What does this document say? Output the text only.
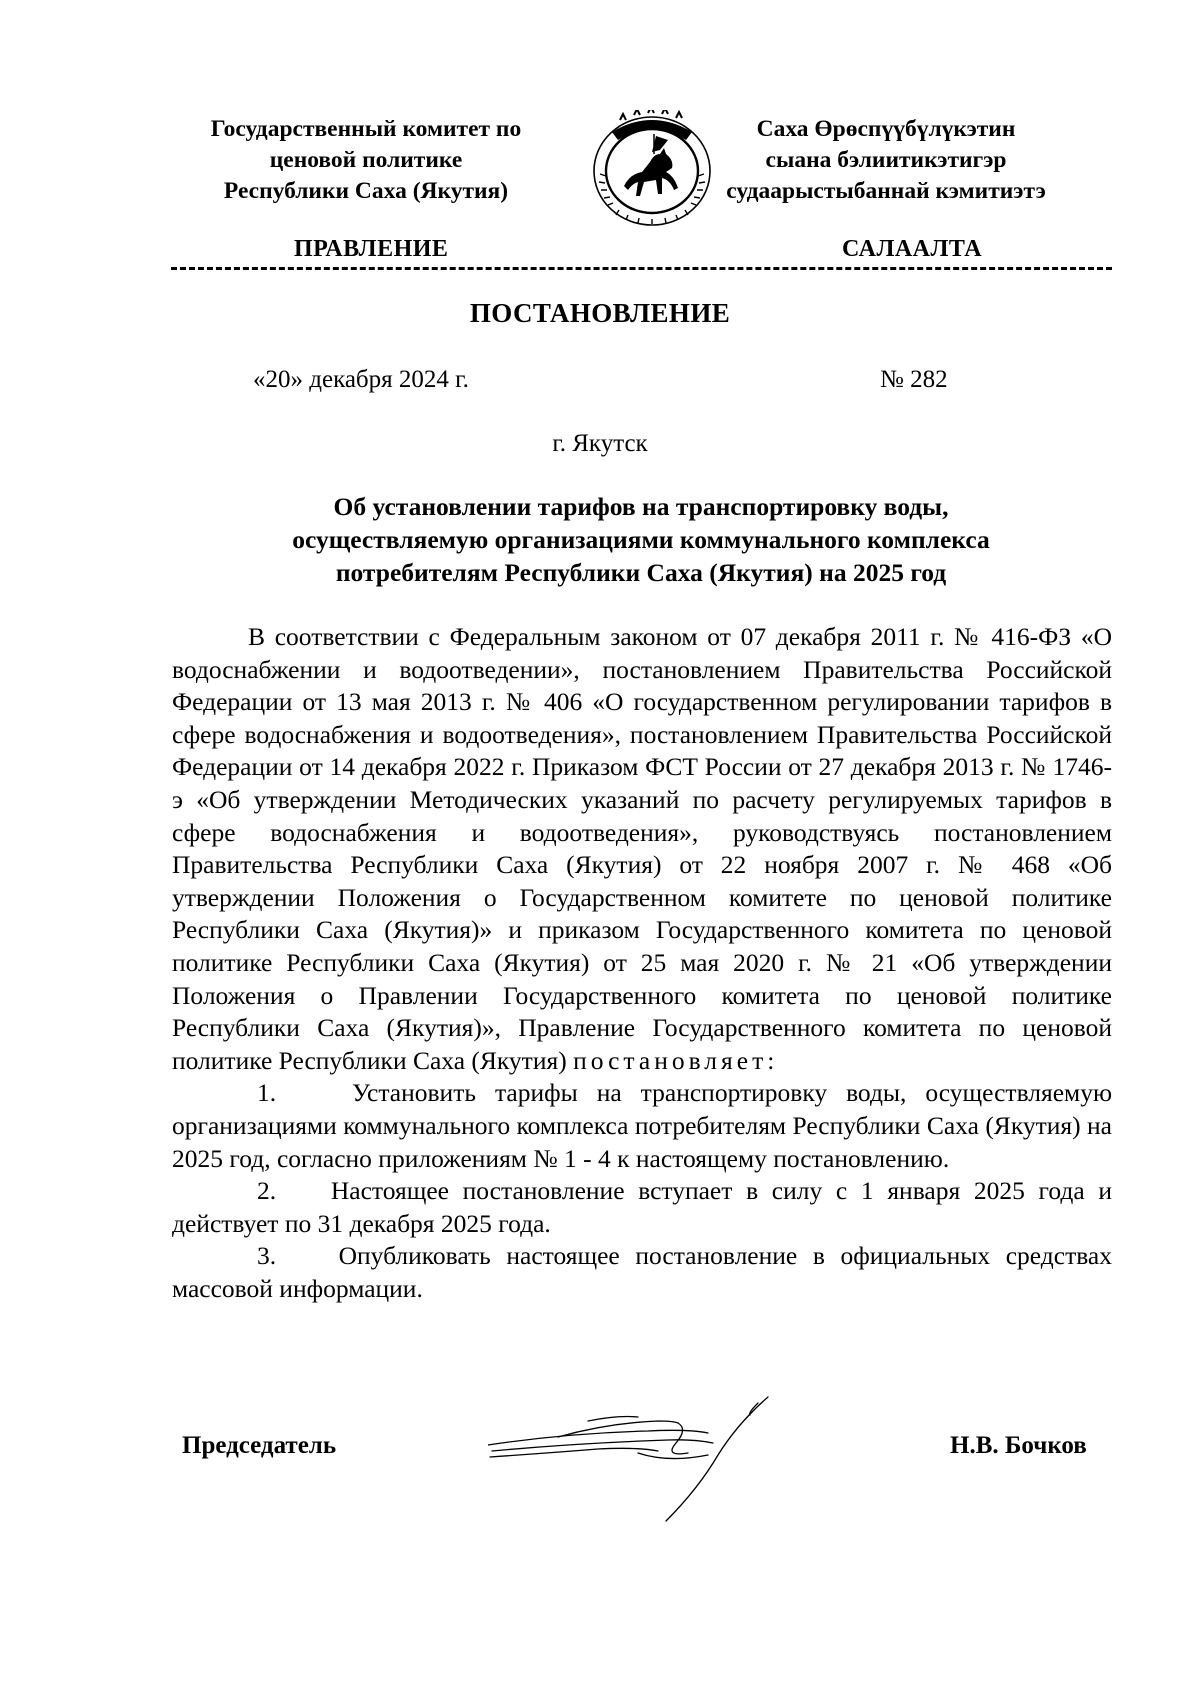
Государственный комитет по
ценовой политике
Республики Саха (Якутия)
Саха Өрөспүүбүлүкэтин
сыана бэлиитикэтигэр
судаарыстыбаннай кэмитиэтэ
ПРАВЛЕНИЕ	САЛААЛТА
ПОСТАНОВЛЕНИЕ
«20» декабря 2024 г.	№ 282
г. Якутск
Об установлении тарифов на транспортировку воды,
осуществляемую организациями коммунального комплекса
потребителям Республики Саха (Якутия) на 2025 год

В соответствии с Федеральным законом от 07 декабря 2011 г. № 416-ФЗ «О водоснабжении и водоотведении», постановлением Правительства Российской Федерации от 13 мая 2013 г. № 406 «О государственном регулировании тарифов в сфере водоснабжения и водоотведения», постановлением Правительства Российской Федерации от 14 декабря 2022 г. Приказом ФСТ России от 27 декабря 2013 г. № 1746-э «Об утверждении Методических указаний по расчету регулируемых тарифов в сфере водоснабжения и водоотведения», руководствуясь постановлением Правительства Республики Саха (Якутия) от 22 ноября 2007 г. № 468 «Об утверждении Положения о Государственном комитете по ценовой политике Республики Саха (Якутия)» и приказом Государственного комитета по ценовой политике Республики Саха (Якутия) от 25 мая 2020 г. № 21 «Об утверждении Положения о Правлении Государственного комитета по ценовой политике Республики Саха (Якутия)», Правление Государственного комитета по ценовой политике Республики Саха (Якутия) постановляет:

1.	Установить тарифы на транспортировку воды, осуществляемую организациями коммунального комплекса потребителям Республики Саха (Якутия) на 2025 год, согласно приложениям № 1 - 4 к настоящему постановлению.

2. Настоящее постановление вступает в силу с 1 января 2025 года и действует по 31 декабря 2025 года.

3. Опубликовать настоящее постановление в официальных средствах массовой информации.

Председатель	Н.В. Бочков
